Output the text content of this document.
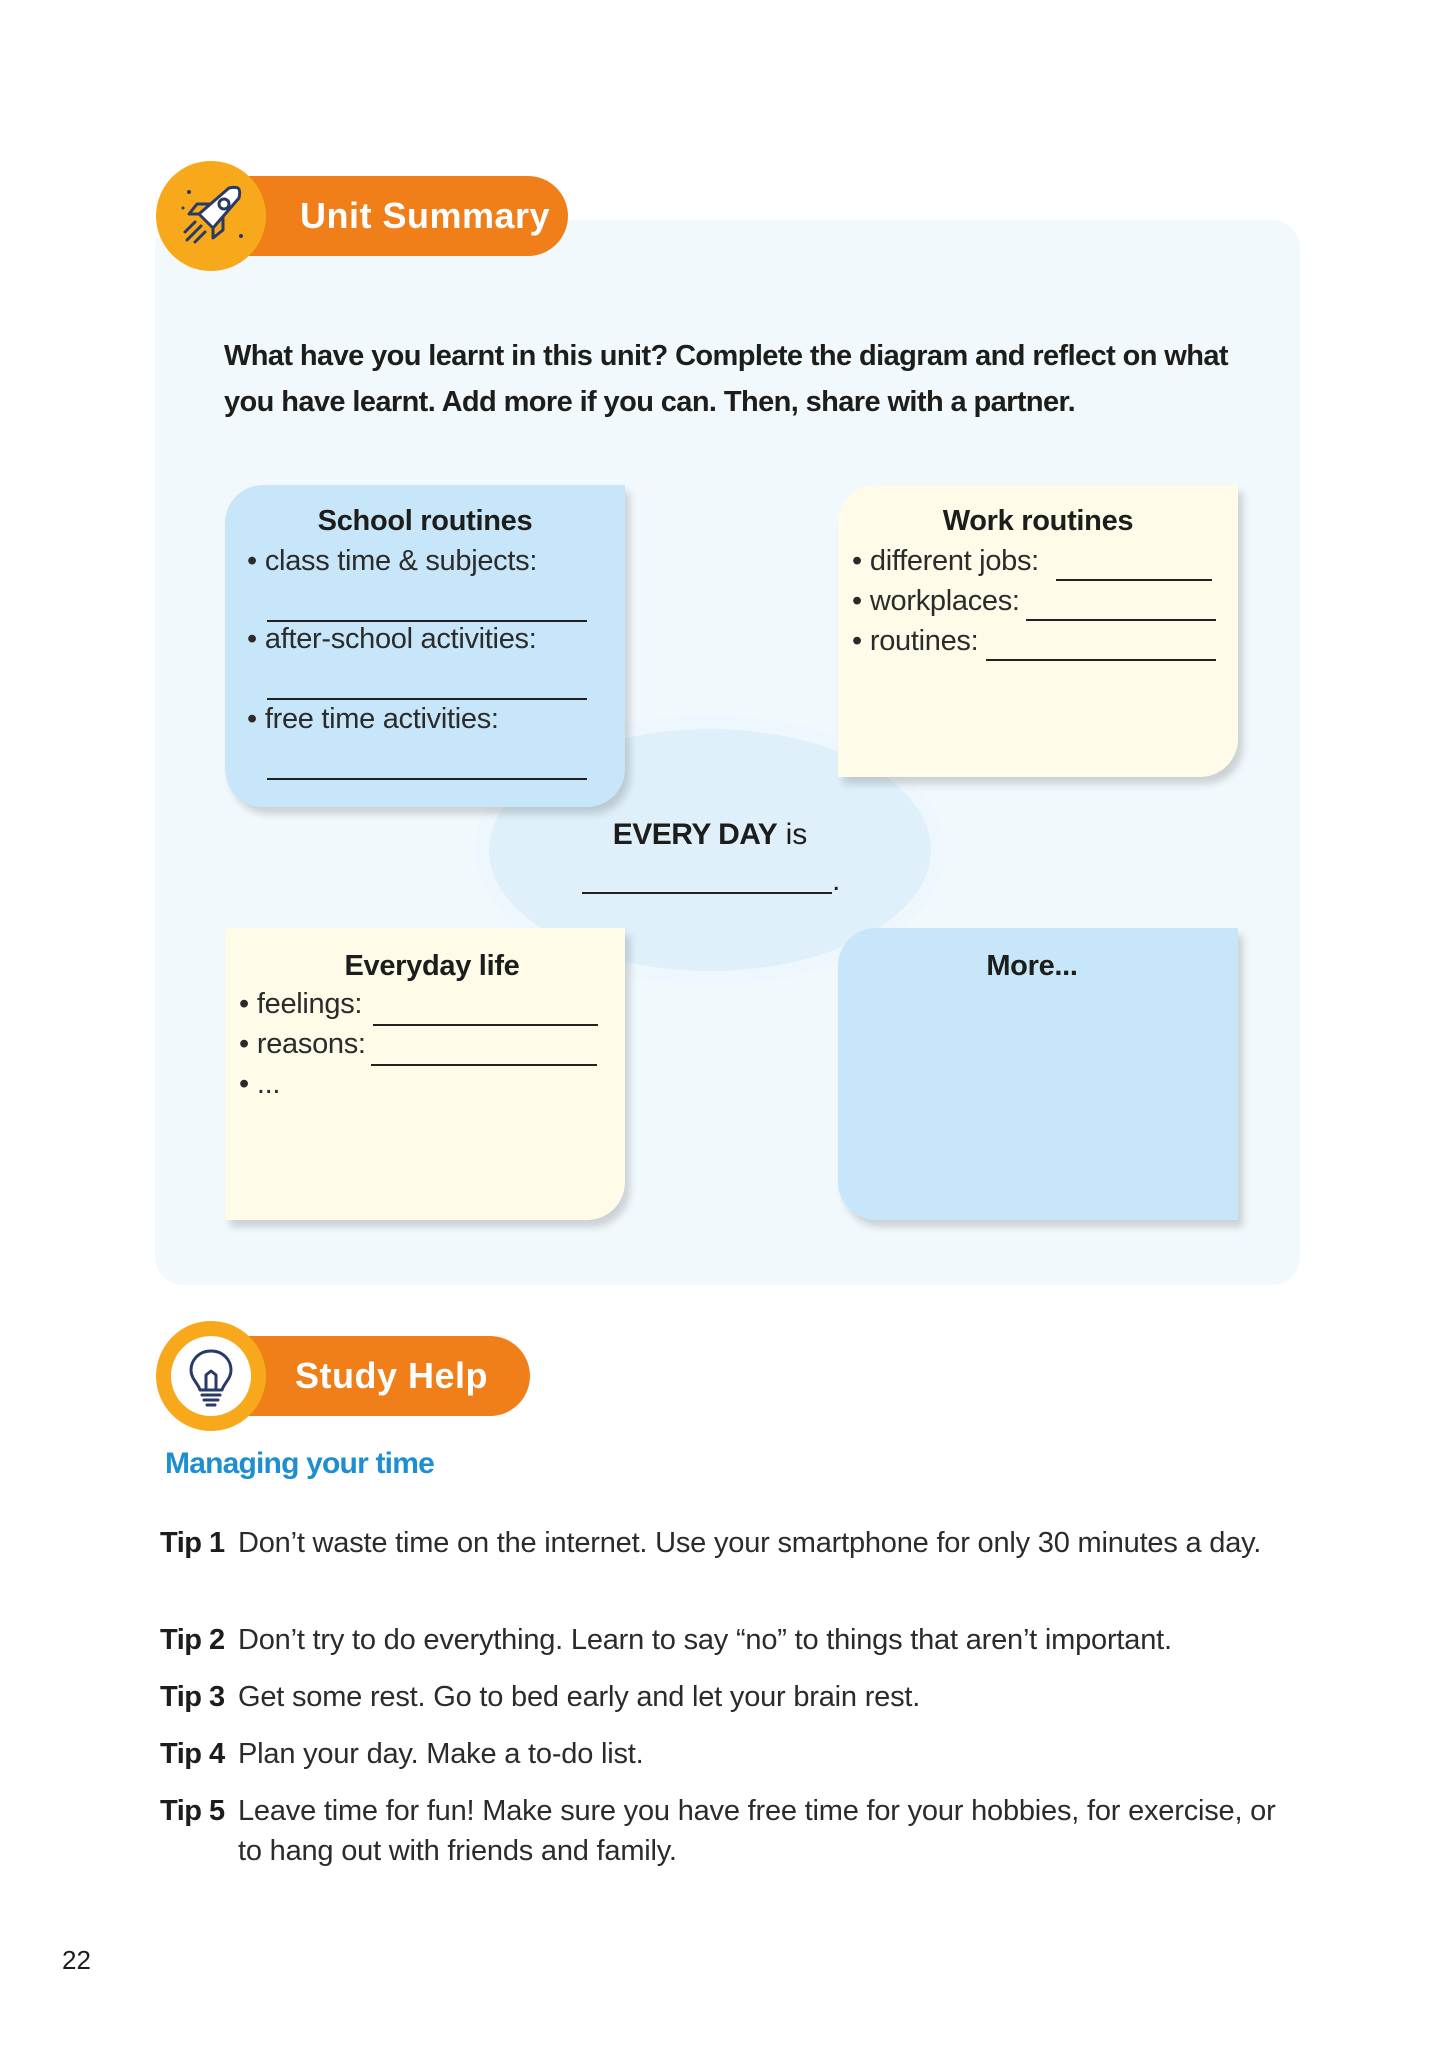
Unit Summary
What have you learnt in this unit? Complete the diagram and reflect on what you have learnt. Add more if you can. Then, share with a partner.
School routines
• class time & subjects:
• after-school activities:
• free time activities:
Work routines
• different jobs:
• workplaces:
• routines:
EVERY DAY is
.
Everyday life
• feelings:
• reasons:
• ...
More...
Study Help
Managing your time
Tip 1 Don’t waste time on the internet. Use your smartphone for only 30 minutes a day.
Tip 2 Don’t try to do everything. Learn to say “no” to things that aren’t important.
Tip 3 Get some rest. Go to bed early and let your brain rest.
Tip 4 Plan your day. Make a to-do list.
Tip 5 Leave time for fun! Make sure you have free time for your hobbies, for exercise, or to hang out with friends and family.
22
